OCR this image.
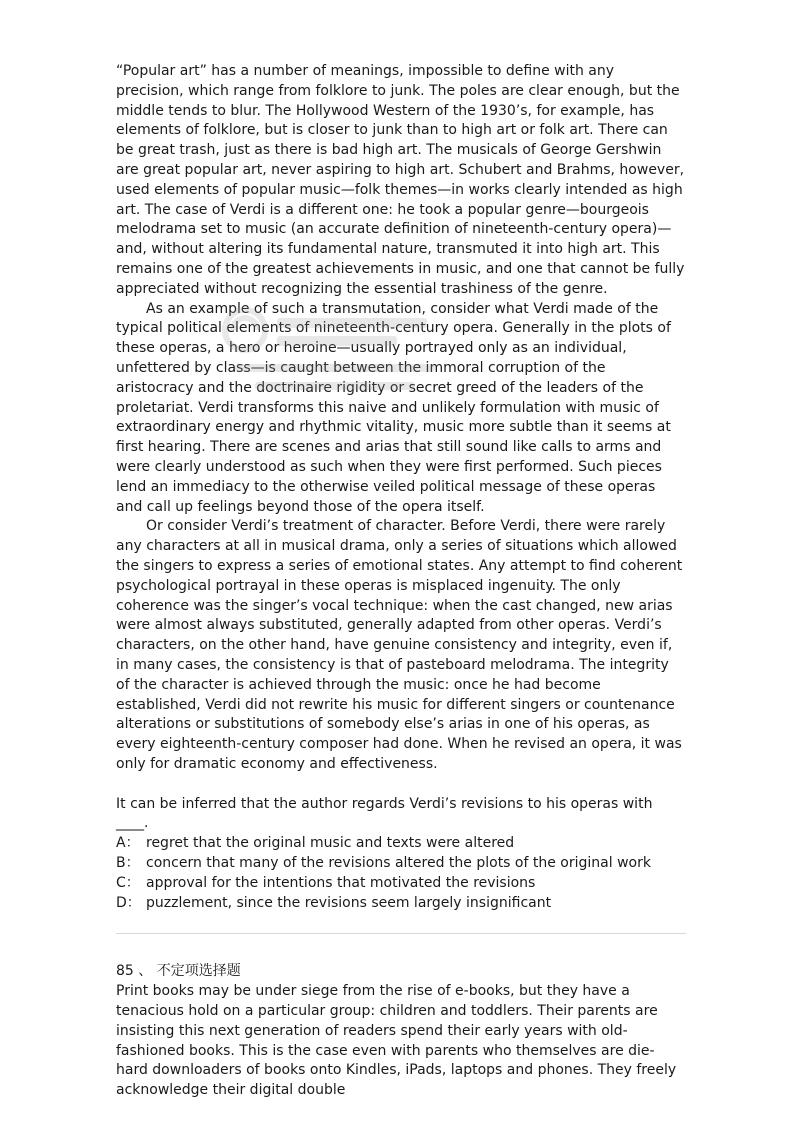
“Popular art” has a number of meanings, impossible to define with any precision, which range from folklore to junk. The poles are clear enough, but the middle tends to blur. The Hollywood Western of the 1930’s, for example, has elements of folklore, but is closer to junk than to high art or folk art. There can be great trash, just as there is bad high art. The musicals of George Gershwin are great popular art, never aspiring to high art. Schubert and Brahms, however, used elements of popular music—folk themes—in works clearly intended as high art. The case of Verdi is a different one: he took a popular genre—bourgeois melodrama set to music (an accurate definition of nineteenth-century opera)—and, without altering its fundamental nature, transmuted it into high art. This remains one of the greatest achievements in music, and one that cannot be fully appreciated without recognizing the essential trashiness of the genre.

As an example of such a transmutation, consider what Verdi made of the typical political elements of nineteenth-century opera. Generally in the plots of these operas, a hero or heroine—usually portrayed only as an individual, unfettered by class—is caught between the immoral corruption of the aristocracy and the doctrinaire rigidity or secret greed of the leaders of the proletariat. Verdi transforms this naive and unlikely formulation with music of extraordinary energy and rhythmic vitality, music more subtle than it seems at first hearing. There are scenes and arias that still sound like calls to arms and were clearly understood as such when they were first performed. Such pieces lend an immediacy to the otherwise veiled political message of these operas and call up feelings beyond those of the opera itself.

Or consider Verdi’s treatment of character. Before Verdi, there were rarely any characters at all in musical drama, only a series of situations which allowed the singers to express a series of emotional states. Any attempt to find coherent psychological portrayal in these operas is misplaced ingenuity. The only coherence was the singer’s vocal technique: when the cast changed, new arias were almost always substituted, generally adapted from other operas. Verdi’s characters, on the other hand, have genuine consistency and integrity, even if, in many cases, the consistency is that of pasteboard melodrama. The integrity of the character is achieved through the music: once he had become established, Verdi did not rewrite his music for different singers or countenance alterations or substitutions of somebody else’s arias in one of his operas, as every eighteenth-century composer had done. When he revised an opera, it was only for dramatic economy and effectiveness.

It can be inferred that the author regards Verdi’s revisions to his operas with ____.

A： regret that the original music and texts were altered
B： concern that many of the revisions altered the plots of the original work
C： approval for the intentions that motivated the revisions
D： puzzlement, since the revisions seem largely insignificant

85 、 不定项选择题

Print books may be under siege from the rise of e-books, but they have a tenacious hold on a particular group: children and toddlers. Their parents are insisting this next generation of readers spend their early years with old-fashioned books. This is the case even with parents who themselves are die-hard downloaders of books onto Kindles, iPads, laptops and phones. They freely acknowledge their digital double
